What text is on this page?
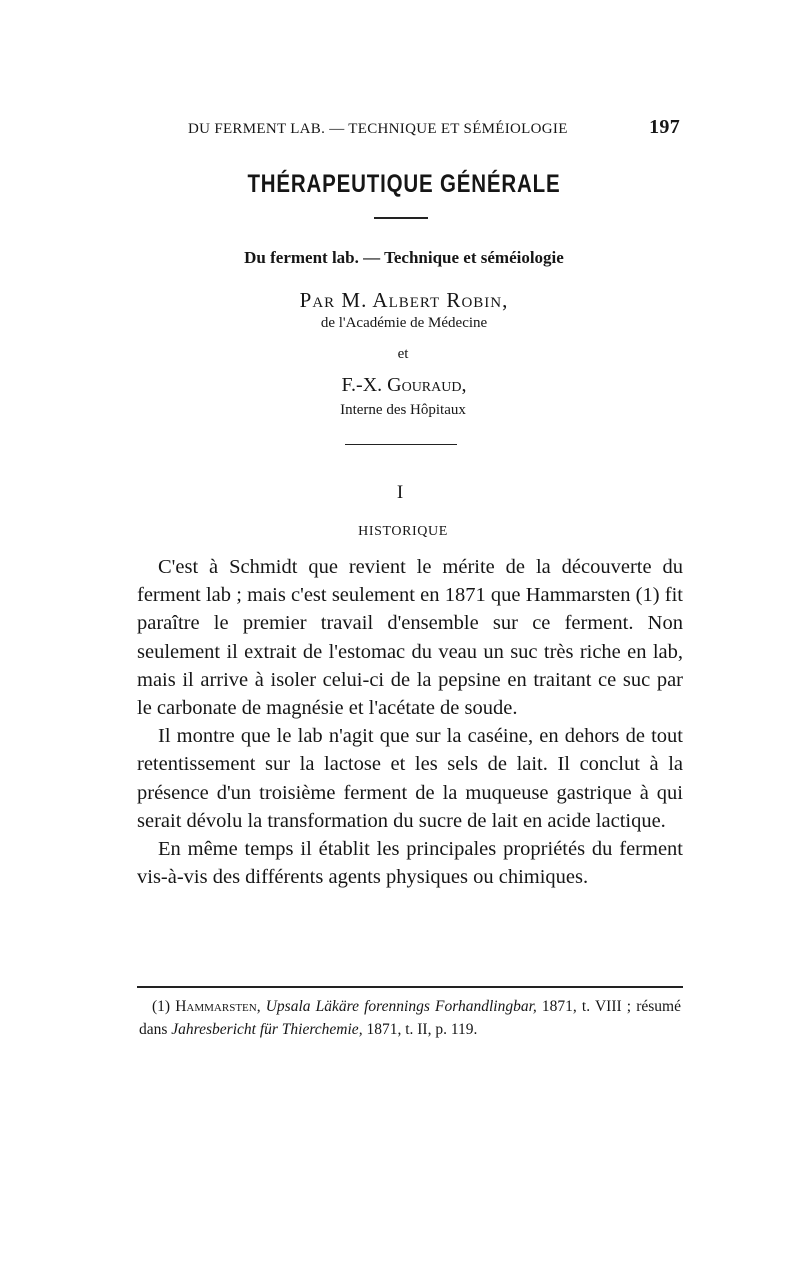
DU FERMENT LAB. — TECHNIQUE ET SÉMÉIOLOGIE	197
THÉRAPEUTIQUE GÉNÉRALE
Du ferment lab. — Technique et séméiologie
Par M. Albert Robin,
de l'Académie de Médecine
et
F.-X. Gouraud,
Interne des Hôpitaux
I
HISTORIQUE

C'est à Schmidt que revient le mérite de la découverte du ferment lab ; mais c'est seulement en 1871 que Hammarsten (1) fit paraître le premier travail d'ensemble sur ce ferment. Non seulement il extrait de l'estomac du veau un suc très riche en lab, mais il arrive à isoler celui-ci de la pepsine en traitant ce suc par le carbonate de magnésie et l'acétate de soude.

Il montre que le lab n'agit que sur la caséine, en dehors de tout retentissement sur la lactose et les sels de lait. Il conclut à la présence d'un troisième ferment de la muqueuse gastrique à qui serait dévolu la transformation du sucre de lait en acide lactique.

En même temps il établit les principales propriétés du ferment vis-à-vis des différents agents physiques ou chimiques.

(1) Hammarsten, Upsala Läkäre forennings Forhandlingbar, 1871, t. VIII ; résumé dans Jahresbericht für Thierchemie, 1871, t. II, p. 119.
